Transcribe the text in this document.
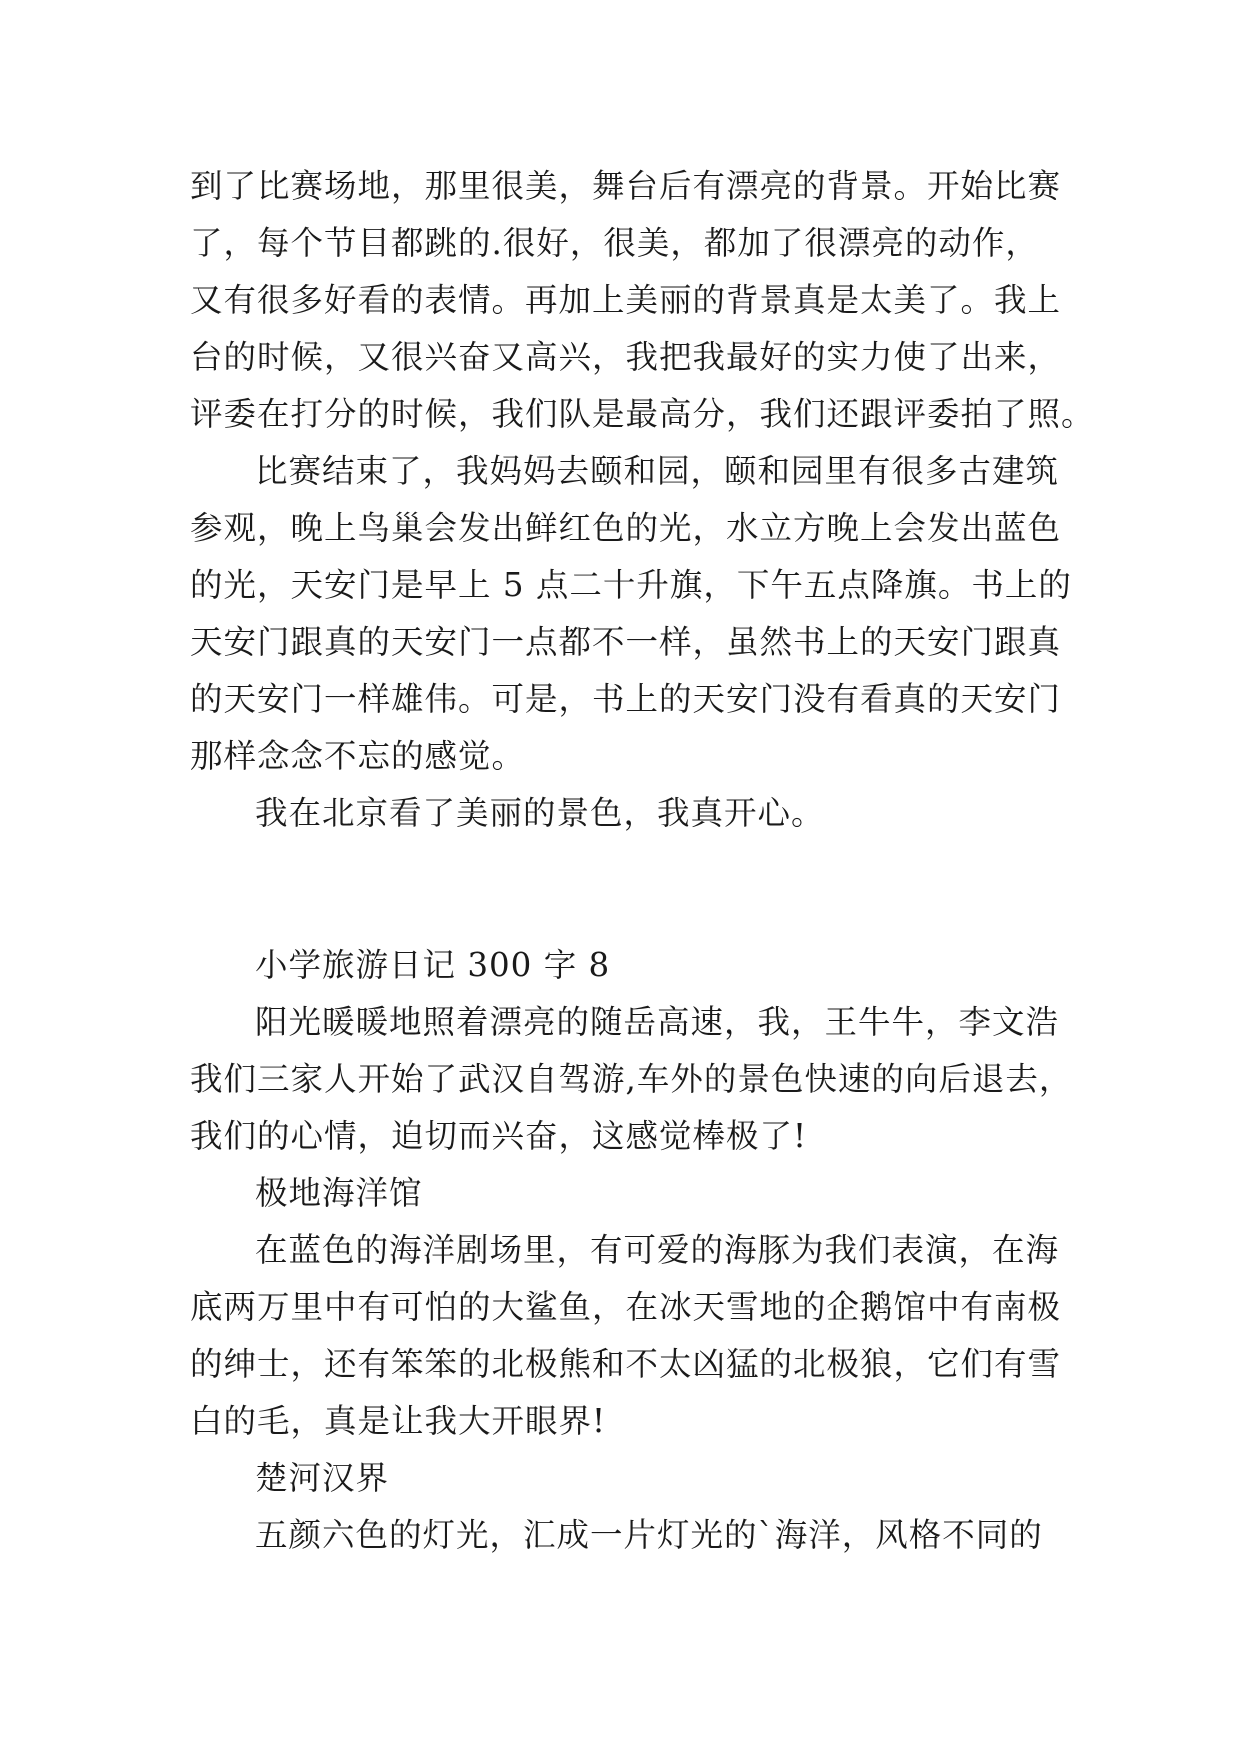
到了比赛场地，那里很美，舞台后有漂亮的背景。开始比赛
了，每个节目都跳的.很好，很美，都加了很漂亮的动作，
又有很多好看的表情。再加上美丽的背景真是太美了。我上
台的时候，又很兴奋又高兴，我把我最好的实力使了出来，
评委在打分的时候，我们队是最高分，我们还跟评委拍了照。
比赛结束了，我妈妈去颐和园，颐和园里有很多古建筑
参观，晚上鸟巢会发出鲜红色的光，水立方晚上会发出蓝色
的光，天安门是早上 5 点二十升旗，下午五点降旗。书上的
天安门跟真的天安门一点都不一样，虽然书上的天安门跟真
的天安门一样雄伟。可是，书上的天安门没有看真的天安门
那样念念不忘的感觉。
我在北京看了美丽的景色，我真开心。
小学旅游日记 300 字 8
阳光暖暖地照着漂亮的随岳高速，我，王牛牛，李文浩
我们三家人开始了武汉自驾游,车外的景色快速的向后退去，
我们的心情，迫切而兴奋，这感觉棒极了!
极地海洋馆
在蓝色的海洋剧场里，有可爱的海豚为我们表演，在海
底两万里中有可怕的大鲨鱼，在冰天雪地的企鹅馆中有南极
的绅士，还有笨笨的北极熊和不太凶猛的北极狼，它们有雪
白的毛，真是让我大开眼界!
楚河汉界
五颜六色的灯光，汇成一片灯光的`海洋，风格不同的
